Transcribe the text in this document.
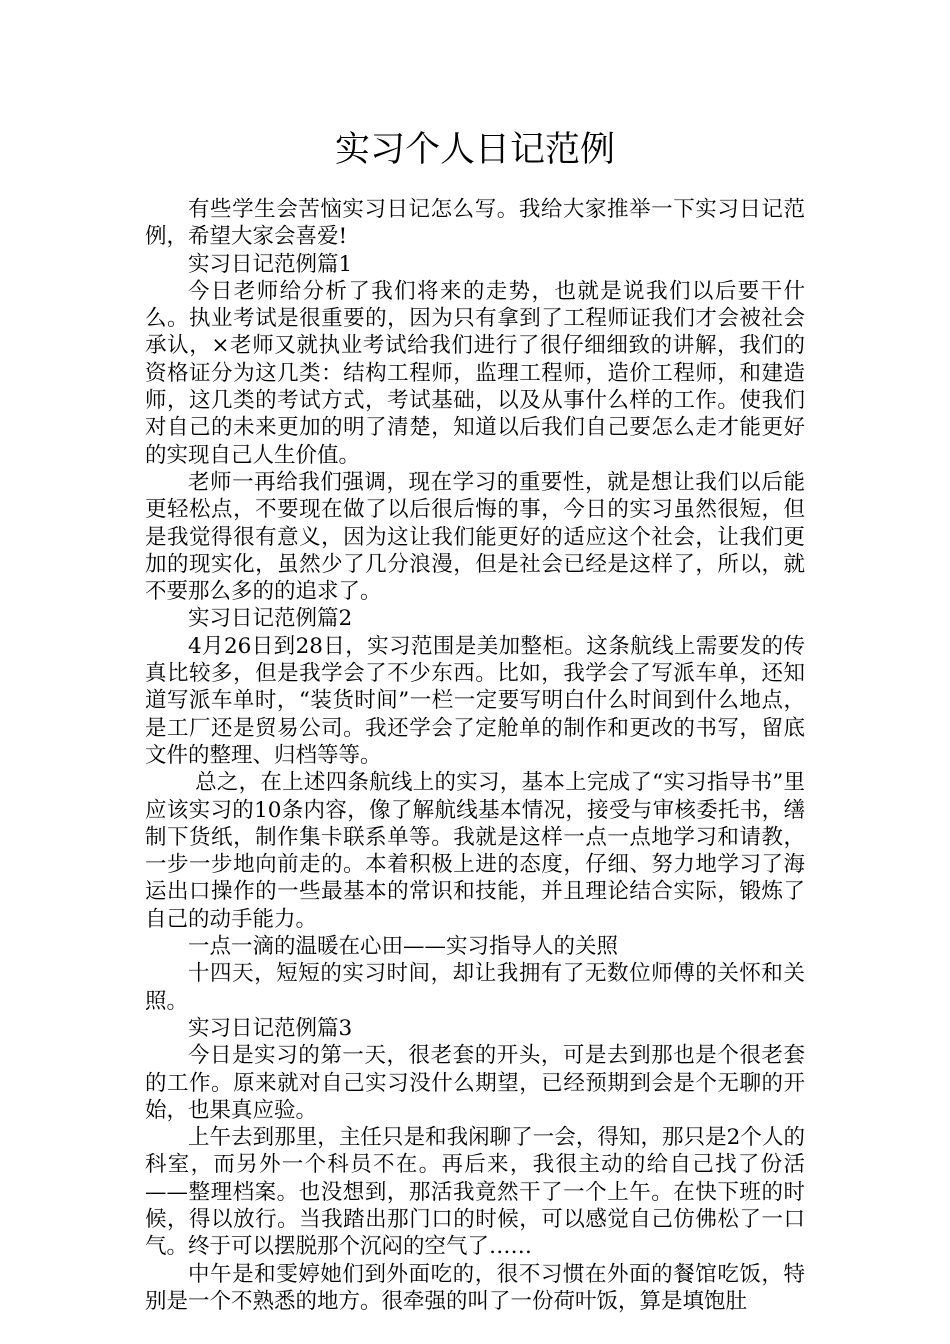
实习个人日记范例

有些学生会苦恼实习日记怎么写。我给大家推举一下实习日记范例，希望大家会喜爱!

实习日记范例篇1

今日老师给分析了我们将来的走势，也就是说我们以后要干什么。执业考试是很重要的，因为只有拿到了工程师证我们才会被社会承认，×老师又就执业考试给我们进行了很仔细细致的讲解，我们的资格证分为这几类：结构工程师，监理工程师，造价工程师，和建造师，这几类的考试方式，考试基础，以及从事什么样的工作。使我们对自己的未来更加的明了清楚，知道以后我们自己要怎么走才能更好的实现自己人生价值。

老师一再给我们强调，现在学习的重要性，就是想让我们以后能更轻松点，不要现在做了以后很后悔的事，今日的实习虽然很短，但是我觉得很有意义，因为这让我们能更好的适应这个社会，让我们更加的现实化，虽然少了几分浪漫，但是社会已经是这样了，所以，就不要那么多的的追求了。

实习日记范例篇2

4月26日到28日，实习范围是美加整柜。这条航线上需要发的传真比较多，但是我学会了不少东西。比如，我学会了写派车单，还知道写派车单时，“装货时间”一栏一定要写明白什么时间到什么地点，是工厂还是贸易公司。我还学会了定舱单的制作和更改的书写，留底文件的整理、归档等等。

总之，在上述四条航线上的实习，基本上完成了“实习指导书”里应该实习的10条内容，像了解航线基本情况，接受与审核委托书，缮制下货纸，制作集卡联系单等。我就是这样一点一点地学习和请教，一步一步地向前走的。本着积极上进的态度，仔细、努力地学习了海运出口操作的一些最基本的常识和技能，并且理论结合实际，锻炼了自己的动手能力。

一点一滴的温暖在心田——实习指导人的关照

十四天，短短的实习时间，却让我拥有了无数位师傅的关怀和关照。

实习日记范例篇3

今日是实习的第一天，很老套的开头，可是去到那也是个很老套的工作。原来就对自己实习没什么期望，已经预期到会是个无聊的开始，也果真应验。

上午去到那里，主任只是和我闲聊了一会，得知，那只是2个人的科室，而另外一个科员不在。再后来，我很主动的给自己找了份活——整理档案。也没想到，那活我竟然干了一个上午。在快下班的时候，得以放行。当我踏出那门口的时候，可以感觉自己仿佛松了一口气。终于可以摆脱那个沉闷的空气了……

中午是和雯婷她们到外面吃的，很不习惯在外面的餐馆吃饭，特别是一个不熟悉的地方。很牵强的叫了一份荷叶饭，算是填饱肚
